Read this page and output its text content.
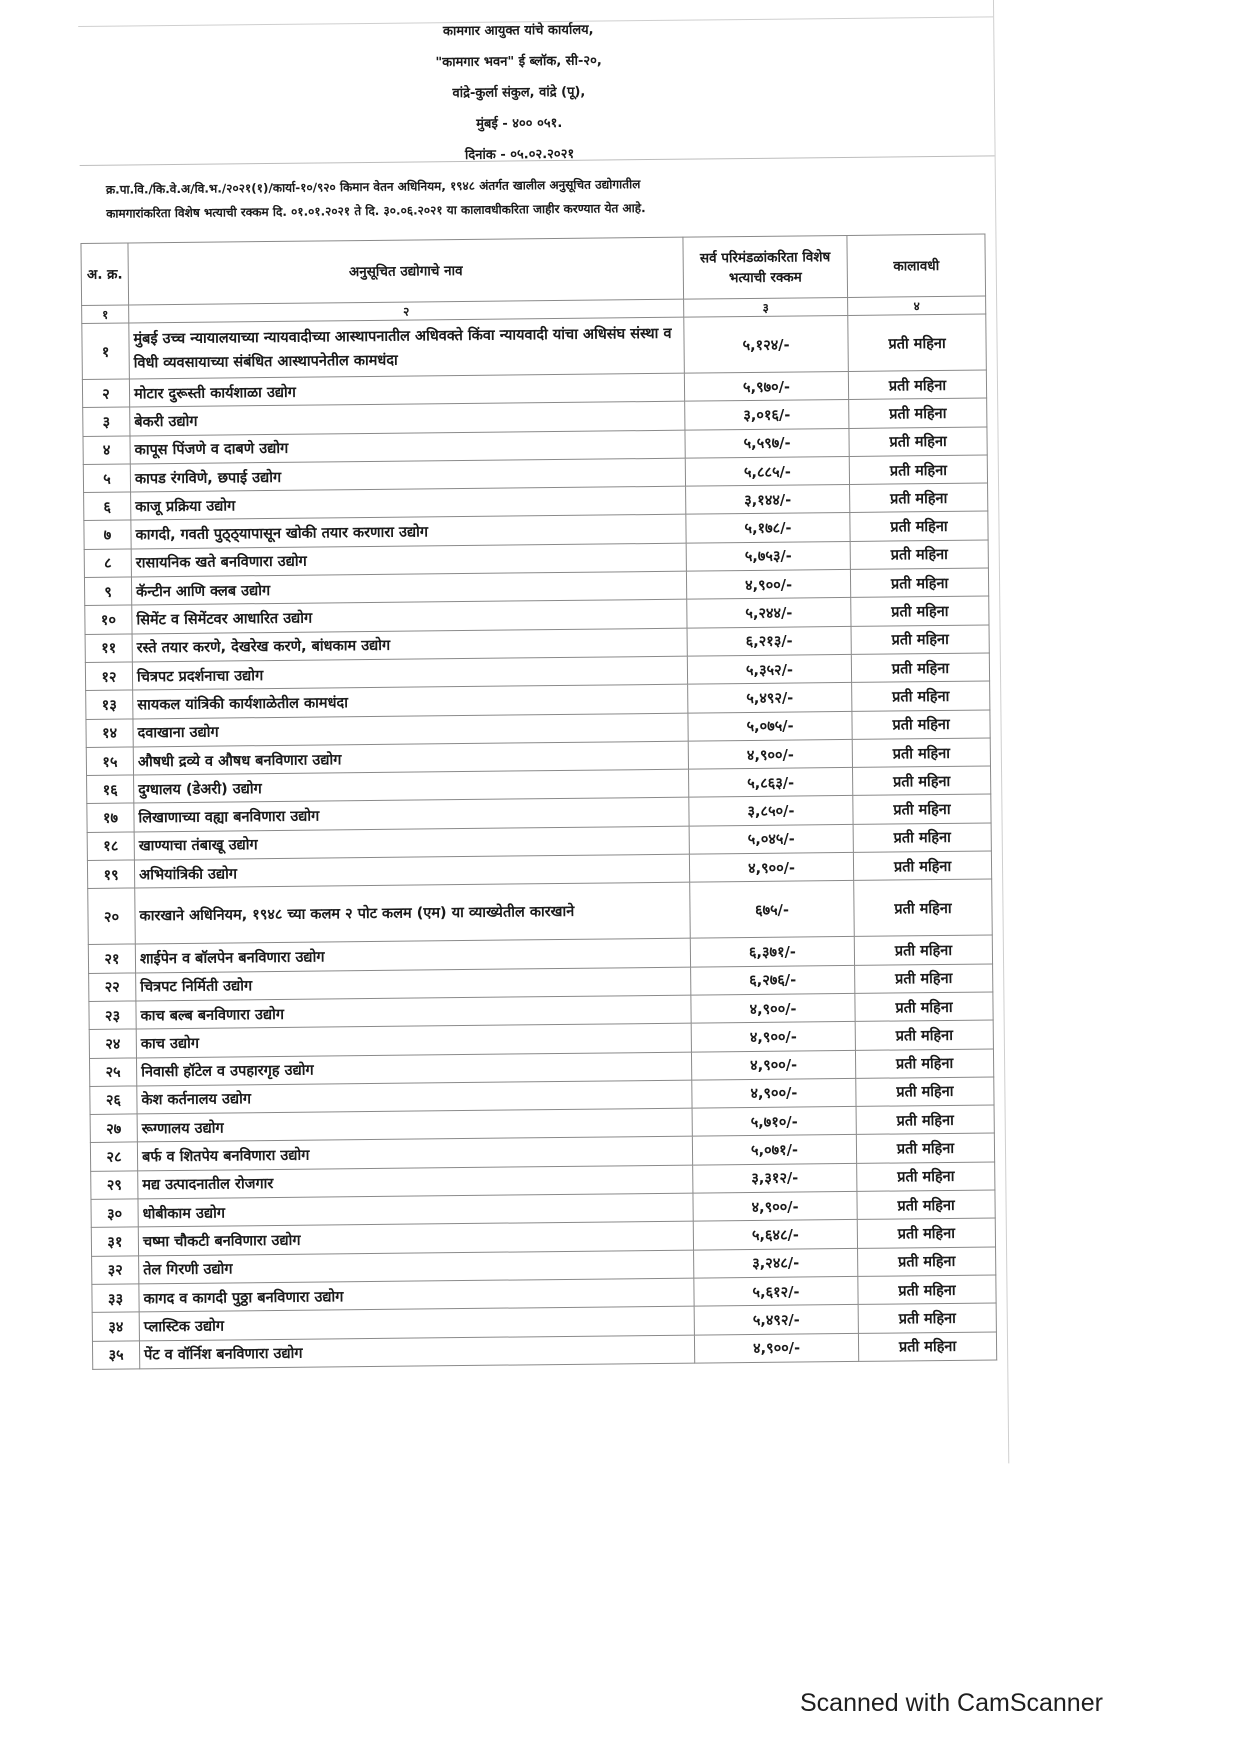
कामगार आयुक्त यांचे कार्यालय,
"कामगार भवन" ई ब्लॉक, सी-२०,
वांद्रे-कुर्ला संकुल, वांद्रे (पू),
मुंबई - ४०० ०५१.
दिनांक - ०५.०२.२०२१
क्र.पा.वि./कि.वे.अ/वि.भ./२०२१(१)/कार्या-१०/९२० किमान वेतन अधिनियम, १९४८ अंतर्गत खालील अनुसूचित उद्योगातील
कामगारांकरिता विशेष भत्याची रक्कम दि. ०१.०१.२०२१ ते दि. ३०.०६.२०२१ या कालावधीकरिता जाहीर करण्यात येत आहे.
अ. क्र.	अनुसूचित उद्योगाचे नाव	सर्व परिमंडळांकरिता विशेष भत्याची रक्कम	कालावधी
१	२	३	४
१	मुंबई उच्च न्यायालयाच्या न्यायवादीच्या आस्थापनातील अधिवक्ते किंवा न्यायवादी यांचा अधिसंघ संस्था व विधी व्यवसायाच्या संबंधित आस्थापनेतील कामधंदा	५,१२४/-	प्रती महिना
२	मोटार दुरूस्ती कार्यशाळा उद्योग	५,९७०/-	प्रती महिना
३	बेकरी उद्योग	३,०१६/-	प्रती महिना
४	कापूस पिंजणे व दाबणे उद्योग	५,५९७/-	प्रती महिना
५	कापड रंगविणे, छपाई उद्योग	५,८८५/-	प्रती महिना
६	काजू प्रक्रिया उद्योग	३,१४४/-	प्रती महिना
७	कागदी, गवती पुठ्ठ्यापासून खोकी तयार करणारा उद्योग	५,१७८/-	प्रती महिना
८	रासायनिक खते बनविणारा उद्योग	५,७५३/-	प्रती महिना
९	कॅन्टीन आणि क्लब उद्योग	४,९००/-	प्रती महिना
१०	सिमेंट व सिमेंटवर आधारित उद्योग	५,२४४/-	प्रती महिना
११	रस्ते तयार करणे, देखरेख करणे, बांधकाम उद्योग	६,२१३/-	प्रती महिना
१२	चित्रपट प्रदर्शनाचा उद्योग	५,३५२/-	प्रती महिना
१३	सायकल यांत्रिकी कार्यशाळेतील कामधंदा	५,४९२/-	प्रती महिना
१४	दवाखाना उद्योग	५,०७५/-	प्रती महिना
१५	औषधी द्रव्ये व औषध बनविणारा उद्योग	४,९००/-	प्रती महिना
१६	दुग्धालय (डेअरी) उद्योग	५,८६३/-	प्रती महिना
१७	लिखाणाच्या वह्या बनविणारा उद्योग	३,८५०/-	प्रती महिना
१८	खाण्याचा तंबाखू उद्योग	५,०४५/-	प्रती महिना
१९	अभियांत्रिकी उद्योग	४,९००/-	प्रती महिना
२०	कारखाने अधिनियम, १९४८ च्या कलम २ पोट कलम (एम) या व्याख्येतील कारखाने	६७५/-	प्रती महिना
२१	शाईपेन व बॉलपेन बनविणारा उद्योग	६,३७१/-	प्रती महिना
२२	चित्रपट निर्मिती उद्योग	६,२७६/-	प्रती महिना
२३	काच बल्ब बनविणारा उद्योग	४,९००/-	प्रती महिना
२४	काच उद्योग	४,९००/-	प्रती महिना
२५	निवासी हॉटेल व उपहारगृह उद्योग	४,९००/-	प्रती महिना
२६	केश कर्तनालय उद्योग	४,९००/-	प्रती महिना
२७	रूग्णालय उद्योग	५,७१०/-	प्रती महिना
२८	बर्फ व शितपेय बनविणारा उद्योग	५,०७१/-	प्रती महिना
२९	मद्य उत्पादनातील रोजगार	३,३१२/-	प्रती महिना
३०	धोबीकाम उद्योग	४,९००/-	प्रती महिना
३१	चष्मा चौकटी बनविणारा उद्योग	५,६४८/-	प्रती महिना
३२	तेल गिरणी उद्योग	३,२४८/-	प्रती महिना
३३	कागद व कागदी पुठ्ठा बनविणारा उद्योग	५,६१२/-	प्रती महिना
३४	प्लास्टिक उद्योग	५,४९२/-	प्रती महिना
३५	पेंट व वॉर्निश बनविणारा उद्योग	४,९००/-	प्रती महिना
Scanned with CamScanner
